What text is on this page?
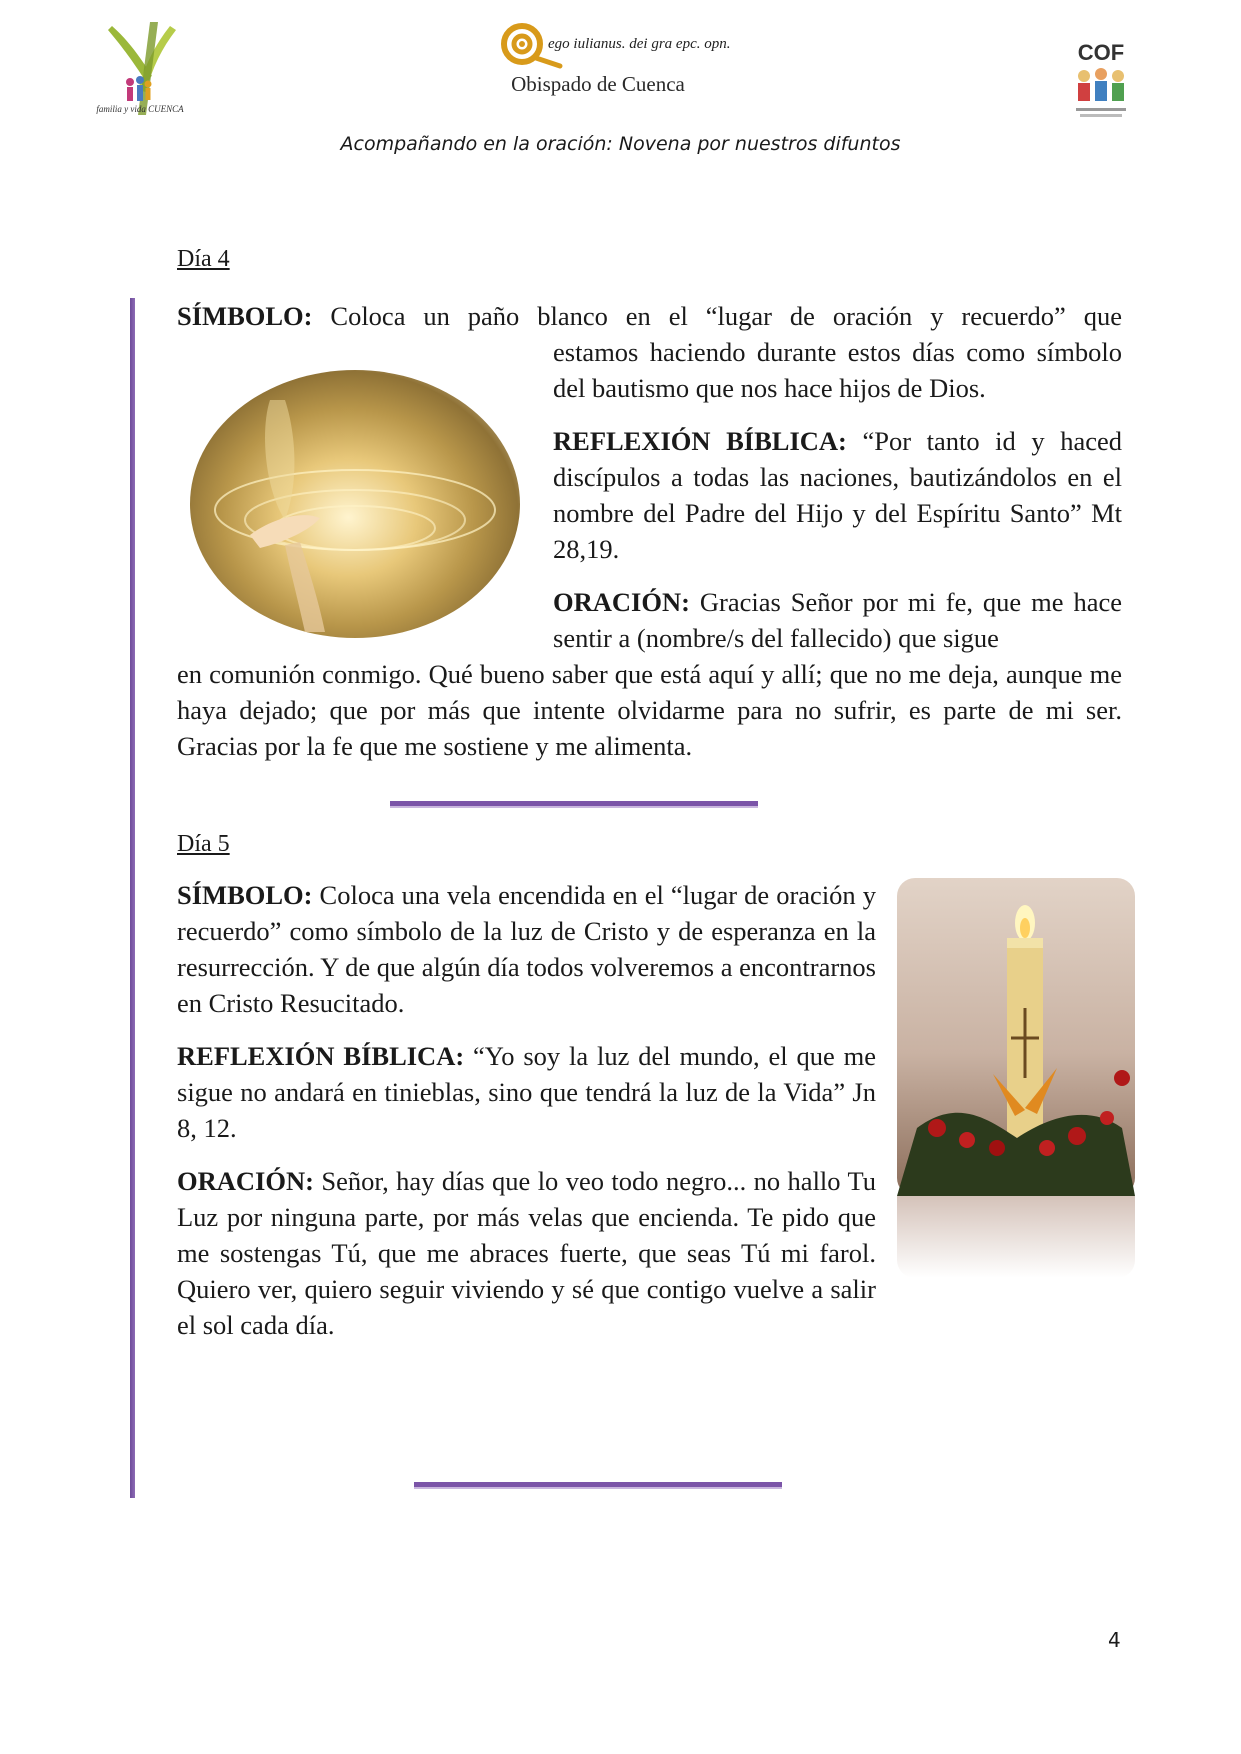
familia y vida CUENCA
ego iulianus. dei gra epc. opn.
Obispado de Cuenca
COF
Acompañando en la oración: Novena por nuestros difuntos
Día 4
SÍMBOLO: Coloca un paño blanco en el “lugar de oración y recuerdo” que
estamos haciendo durante estos días como símbolo del bautismo que nos hace hijos de Dios.
REFLEXIÓN BÍBLICA: “Por tanto id y haced discípulos a todas las naciones, bautizándolos en el nombre del Padre del Hijo y del Espíritu Santo” Mt 28,19.
ORACIÓN: Gracias Señor por mi fe, que me hace sentir a (nombre/s del fallecido) que sigue
en comunión conmigo. Qué bueno saber que está aquí y allí; que no me deja, aunque me haya dejado; que por más que intente olvidarme para no sufrir, es parte de mi ser. Gracias por la fe que me sostiene y me alimenta.
Día 5
SÍMBOLO: Coloca una vela encendida en el “lugar de oración y recuerdo” como símbolo de la luz de Cristo y de esperanza en la resurrección. Y de que algún día todos volveremos a encontrarnos en Cristo Resucitado.
REFLEXIÓN BÍBLICA: “Yo soy la luz del mundo, el que me sigue no andará en tinieblas, sino que tendrá la luz de la Vida” Jn 8, 12.
ORACIÓN: Señor, hay días que lo veo todo negro... no hallo Tu Luz por ninguna parte, por más velas que encienda. Te pido que me sostengas Tú, que me abraces fuerte, que seas Tú mi farol. Quiero ver, quiero seguir viviendo y sé que contigo vuelve a salir el sol cada día.
4
